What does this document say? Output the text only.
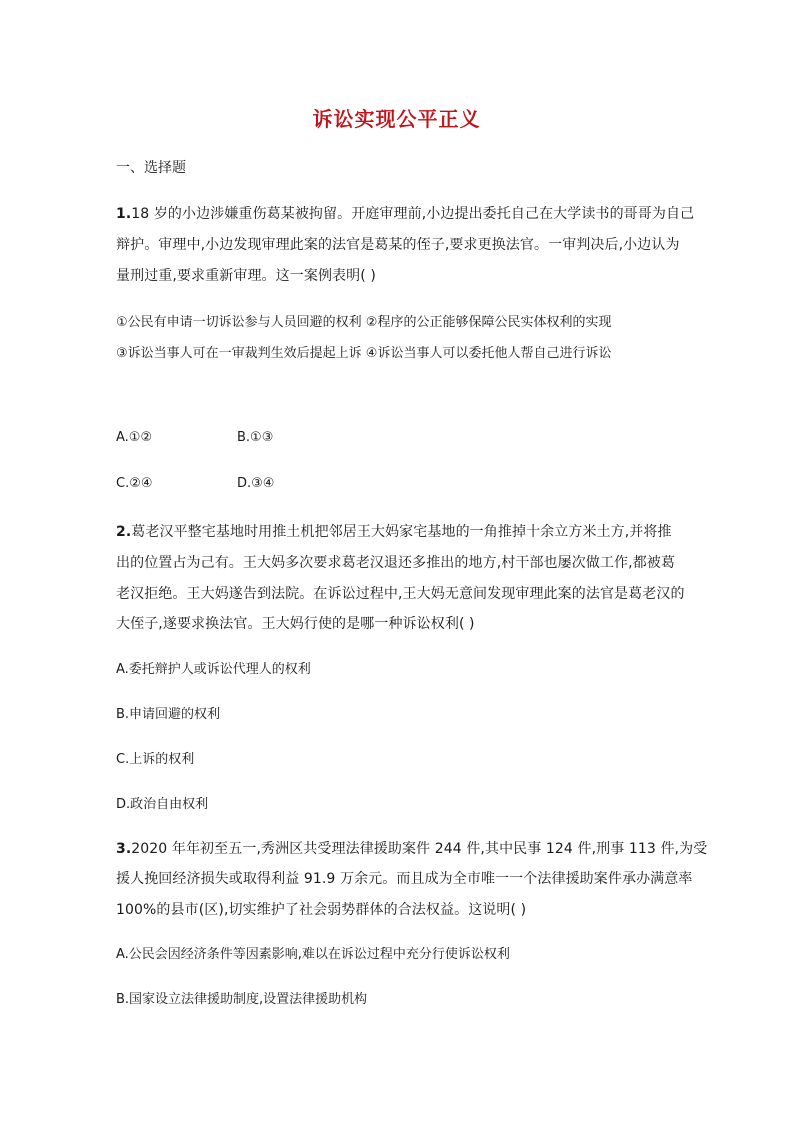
诉讼实现公平正义
一、选择题
1.18 岁的小边涉嫌重伤葛某被拘留。开庭审理前,小边提出委托自己在大学读书的哥哥为自己
辩护。审理中,小边发现审理此案的法官是葛某的侄子,要求更换法官。一审判决后,小边认为
量刑过重,要求重新审理。这一案例表明( )
①公民有申请一切诉讼参与人员回避的权利 ②程序的公正能够保障公民实体权利的实现
③诉讼当事人可在一审裁判生效后提起上诉 ④诉讼当事人可以委托他人帮自己进行诉讼
A.①②	B.①③
C.②④	D.③④
2.葛老汉平整宅基地时用推土机把邻居王大妈家宅基地的一角推掉十余立方米土方,并将推
出的位置占为己有。王大妈多次要求葛老汉退还多推出的地方,村干部也屡次做工作,都被葛
老汉拒绝。王大妈遂告到法院。在诉讼过程中,王大妈无意间发现审理此案的法官是葛老汉的
大侄子,遂要求换法官。王大妈行使的是哪一种诉讼权利( )
A.委托辩护人或诉讼代理人的权利
B.申请回避的权利
C.上诉的权利
D.政治自由权利
3.2020 年年初至五一,秀洲区共受理法律援助案件 244 件,其中民事 124 件,刑事 113 件,为受
援人挽回经济损失或取得利益 91.9 万余元。而且成为全市唯一一个法律援助案件承办满意率
100%的县市(区),切实维护了社会弱势群体的合法权益。这说明( )
A.公民会因经济条件等因素影响,难以在诉讼过程中充分行使诉讼权利
B.国家设立法律援助制度,设置法律援助机构
